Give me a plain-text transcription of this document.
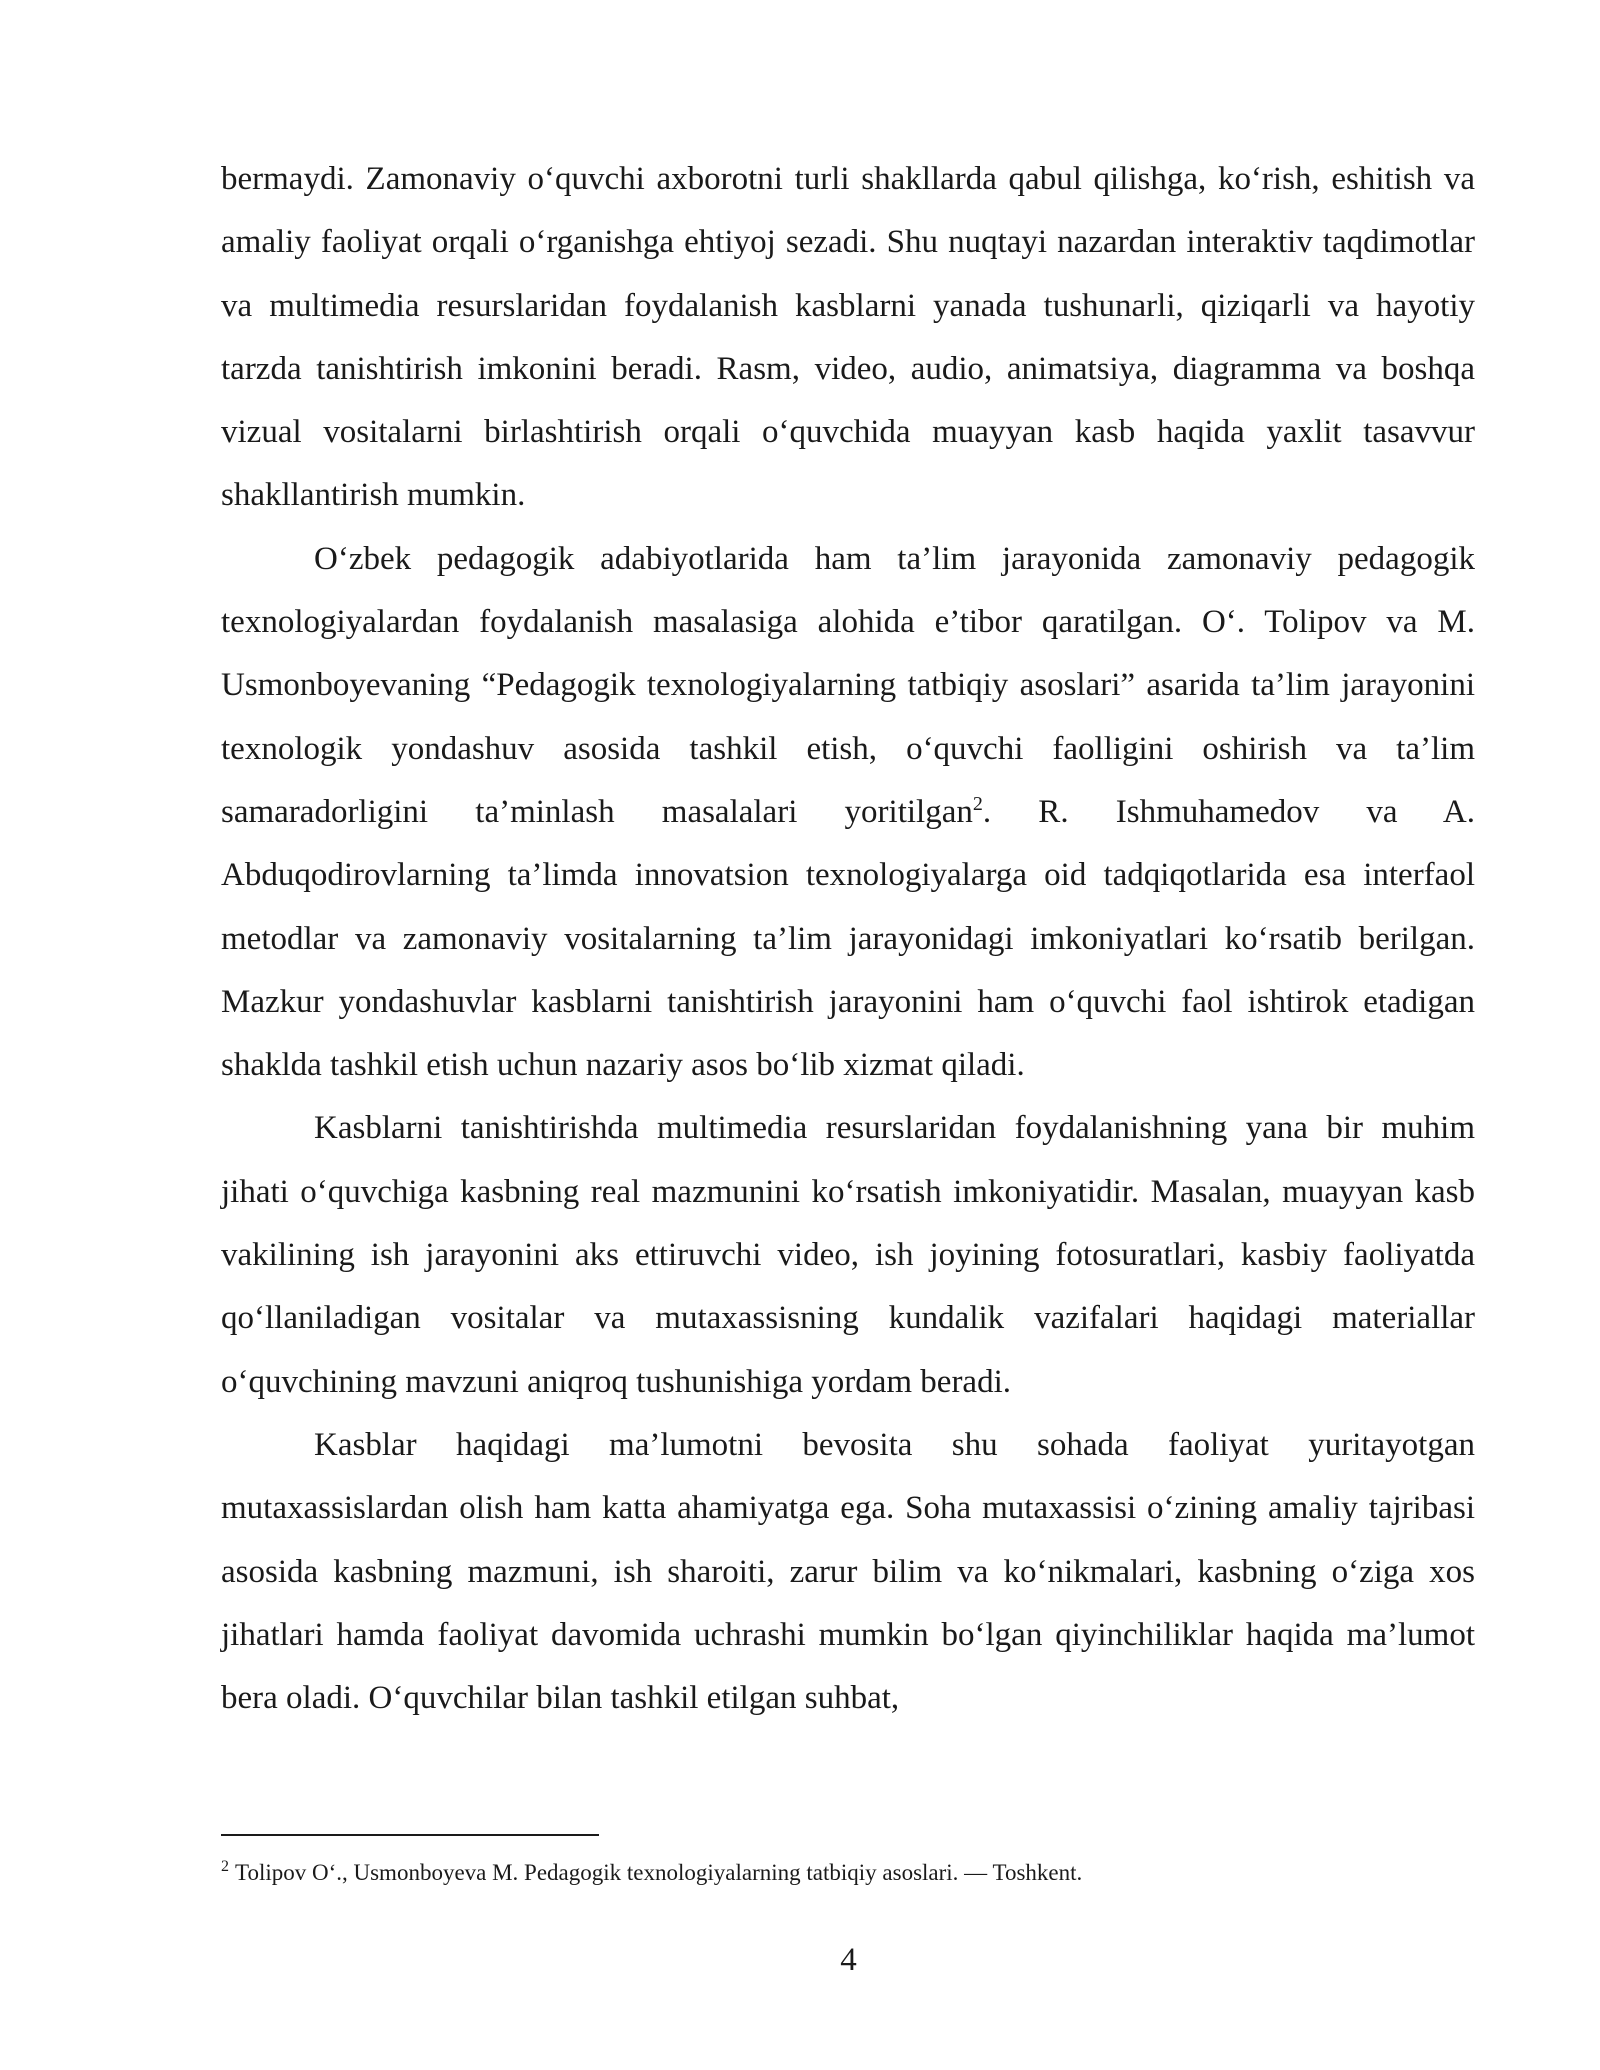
bermaydi. Zamonaviy o‘quvchi axborotni turli shakllarda qabul qilishga, ko‘rish, eshitish va amaliy faoliyat orqali o‘rganishga ehtiyoj sezadi. Shu nuqtayi nazardan interaktiv taqdimotlar va multimedia resurslaridan foydalanish kasblarni yanada tushunarli, qiziqarli va hayotiy tarzda tanishtirish imkonini beradi. Rasm, video, audio, animatsiya, diagramma va boshqa vizual vositalarni birlashtirish orqali o‘quvchida muayyan kasb haqida yaxlit tasavvur shakllantirish mumkin.

O‘zbek pedagogik adabiyotlarida ham ta’lim jarayonida zamonaviy pedagogik texnologiyalardan foydalanish masalasiga alohida e’tibor qaratilgan. O‘. Tolipov va M. Usmonboyevaning “Pedagogik texnologiyalarning tatbiqiy asoslari” asarida ta’lim jarayonini texnologik yondashuv asosida tashkil etish, o‘quvchi faolligini oshirish va ta’lim samaradorligini ta’minlash masalalari yoritilgan$^2$. R. Ishmuhamedov va A. Abduqodirovlarning ta’limda innovatsion texnologiyalarga oid tadqiqotlarida esa interfaol metodlar va zamonaviy vositalarning ta’lim jarayonidagi imkoniyatlari ko‘rsatib berilgan. Mazkur yondashuvlar kasblarni tanishtirish jarayonini ham o‘quvchi faol ishtirok etadigan shaklda tashkil etish uchun nazariy asos bo‘lib xizmat qiladi.

Kasblarni tanishtirishda multimedia resurslaridan foydalanishning yana bir muhim jihati o‘quvchiga kasbning real mazmunini ko‘rsatish imkoniyatidir. Masalan, muayyan kasb vakilining ish jarayonini aks ettiruvchi video, ish joyining fotosuratlari, kasbiy faoliyatda qo‘llaniladigan vositalar va mutaxassisning kundalik vazifalari haqidagi materiallar o‘quvchining mavzuni aniqroq tushunishiga yordam beradi.

Kasblar haqidagi ma’lumotni bevosita shu sohada faoliyat yuritayotgan mutaxassislardan olish ham katta ahamiyatga ega. Soha mutaxassisi o‘zining amaliy tajribasi asosida kasbning mazmuni, ish sharoiti, zarur bilim va ko‘nikmalari, kasbning o‘ziga xos jihatlari hamda faoliyat davomida uchrashi mumkin bo‘lgan qiyinchiliklar haqida ma’lumot bera oladi. O‘quvchilar bilan tashkil etilgan suhbat,

$^2$ Tolipov O‘., Usmonboyeva M. Pedagogik texnologiyalarning tatbiqiy asoslari. — Toshkent.
4
